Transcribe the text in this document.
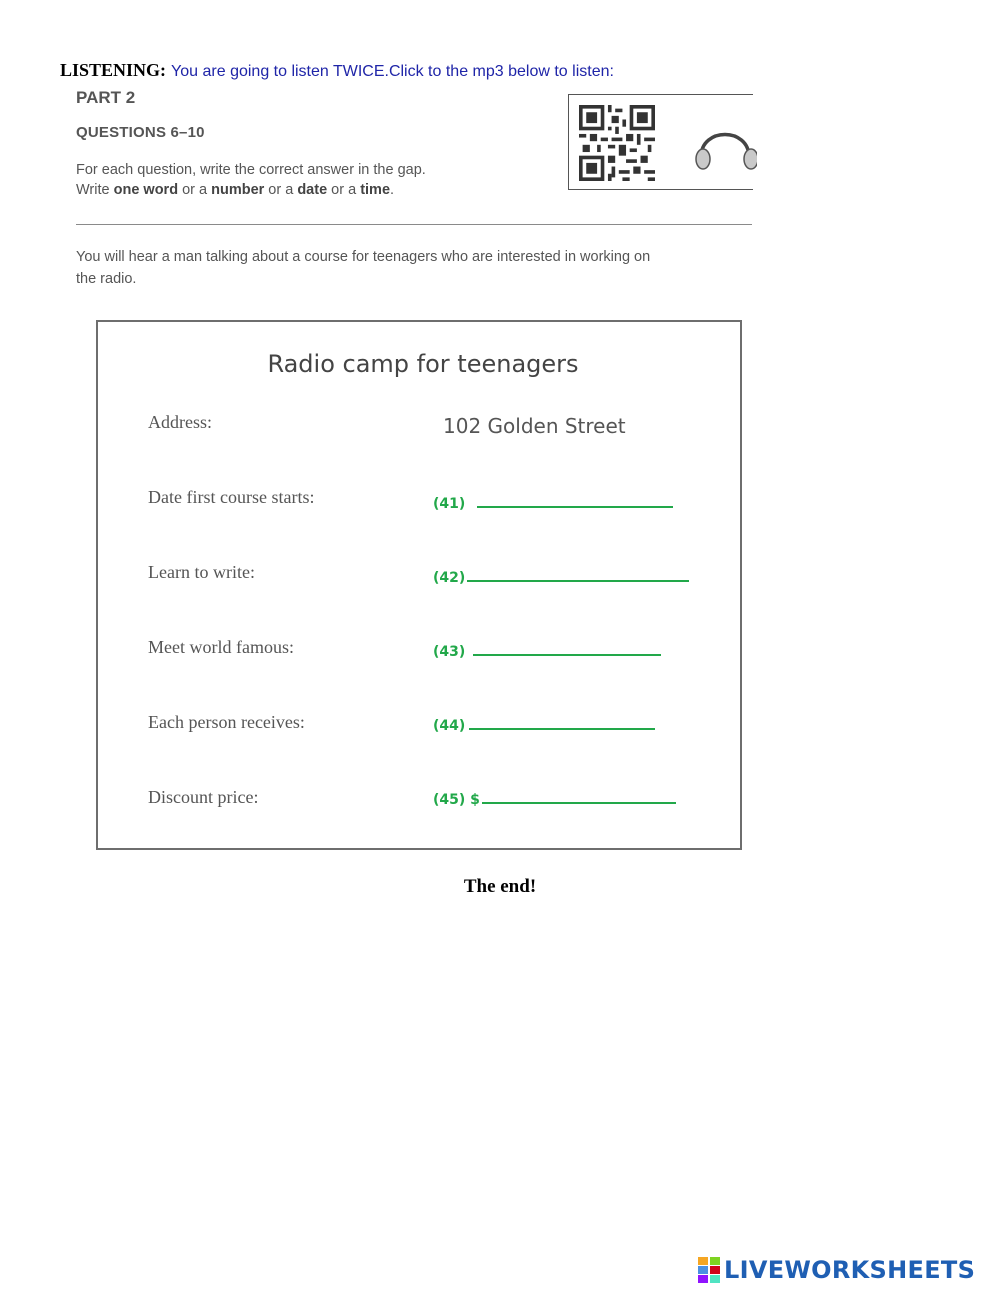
LISTENING: You are going to listen TWICE.Click to the mp3 below to listen:
PART 2
QUESTIONS 6–10
For each question, write the correct answer in the gap.
Write one word or a number or a date or a time.
You will hear a man talking about a course for teenagers who are interested in working on
the radio.
Radio camp for teenagers
Address:	102 Golden Street
Date first course starts:	(41)
Learn to write:	(42)
Meet world famous:	(43)
Each person receives:	(44)
Discount price:	(45) $
The end!
LIVEWORKSHEETS
